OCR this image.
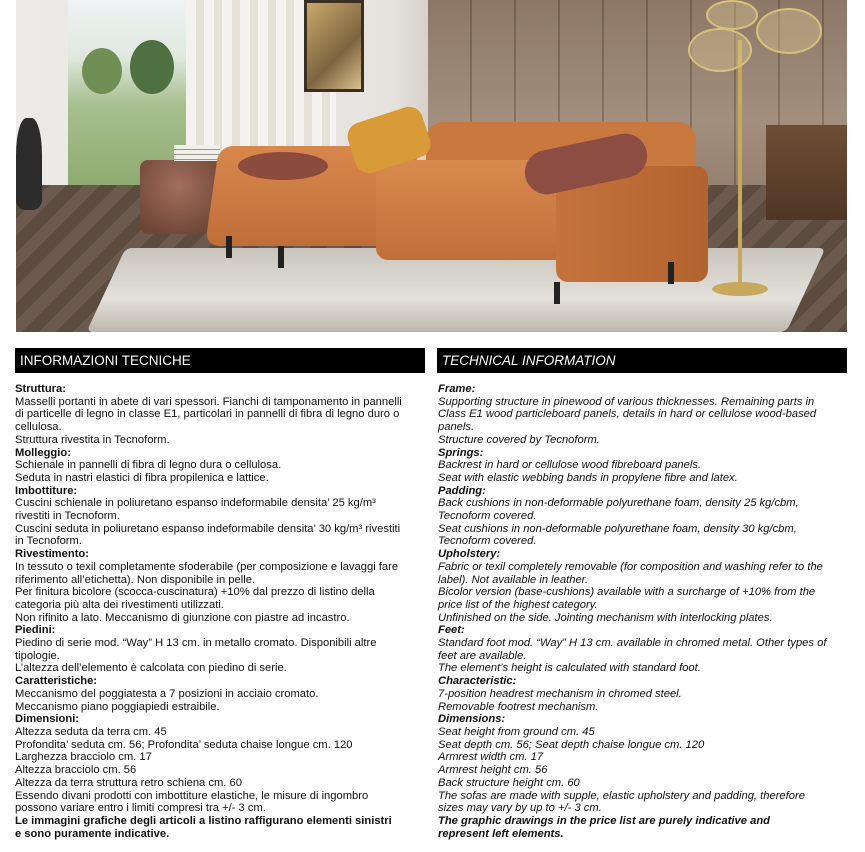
INFORMAZIONI TECNICHE	TECHNICAL INFORMATION

Struttura:

Masselli portanti in abete di vari spessori. Fianchi di tamponamento in pannelli

di particelle di legno in classe E1, particolari in pannelli di fibra di legno duro o

cellulosa.

Struttura rivestita in Tecnoform.

Molleggio:

Schienale in pannelli di fibra di legno dura o cellulosa.

Seduta in nastri elastici di fibra propilenica e lattice.

Imbottiture:

Cuscini schienale in poliuretano espanso indeformabile densita’ 25 kg/m³

rivestiti in Tecnoform.

Cuscini seduta in poliuretano espanso indeformabile densita’ 30 kg/m³ rivestiti

in Tecnoform.

Rivestimento:

In tessuto o texil completamente sfoderabile (per composizione e lavaggi fare

riferimento all’etichetta). Non disponibile in pelle.

Per finitura bicolore (scocca-cuscinatura) +10% dal prezzo di listino della

categoria più alta dei rivestimenti utilizzati.

Non rifinito a lato. Meccanismo di giunzione con piastre ad incastro.

Piedini:

Piedino di serie mod. “Way” H 13 cm. in metallo cromato. Disponibili altre

tipologie.

L’altezza dell’elemento è calcolata con piedino di serie.

Caratteristiche:

Meccanismo del poggiatesta a 7 posizioni in acciaio cromato.

Meccanismo piano poggiapiedi estraibile.

Dimensioni:

Altezza seduta da terra cm. 45

Profondita’ seduta cm. 56; Profondita’ seduta chaise longue cm. 120

Larghezza bracciolo cm. 17

Altezza bracciolo cm. 56

Altezza da terra struttura retro schiena cm. 60

Essendo divani prodotti con imbottiture elastiche, le misure di ingombro

possono variare entro i limiti compresi tra +/- 3 cm.

Le immagini grafiche degli articoli a listino raffigurano elementi sinistri

e sono puramente indicative.

Frame:

Supporting structure in pinewood of various thicknesses. Remaining parts in

Class E1 wood particleboard panels, details in hard or cellulose wood-based

panels.

Structure covered by Tecnoform.

Springs:

Backrest in hard or cellulose wood fibreboard panels.

Seat with elastic webbing bands in propylene fibre and latex.

Padding:

Back cushions in non-deformable polyurethane foam, density 25 kg/cbm,

Tecnoform covered.

Seat cushions in non-deformable polyurethane foam, density 30 kg/cbm,

Tecnoform covered.

Upholstery:

Fabric or texil completely removable (for composition and washing refer to the

label). Not available in leather.

Bicolor version (base-cushions) available with a surcharge of +10% from the

price list of the highest category.

Unfinished on the side. Jointing mechanism with interlocking plates.

Feet:

Standard foot mod. “Way” H 13 cm. available in chromed metal. Other types of

feet are available.

The element’s height is calculated with standard foot.

Characteristic:

7-position headrest mechanism in chromed steel.

Removable footrest mechanism.

Dimensions:

Seat height from ground cm. 45

Seat depth cm. 56; Seat depth chaise longue cm. 120

Armrest width cm. 17

Armrest height cm. 56

Back structure height cm. 60

The sofas are made with supple, elastic upholstery and padding, therefore

sizes may vary by up to +/- 3 cm.

The graphic drawings in the price list are purely indicative and

represent left elements.
